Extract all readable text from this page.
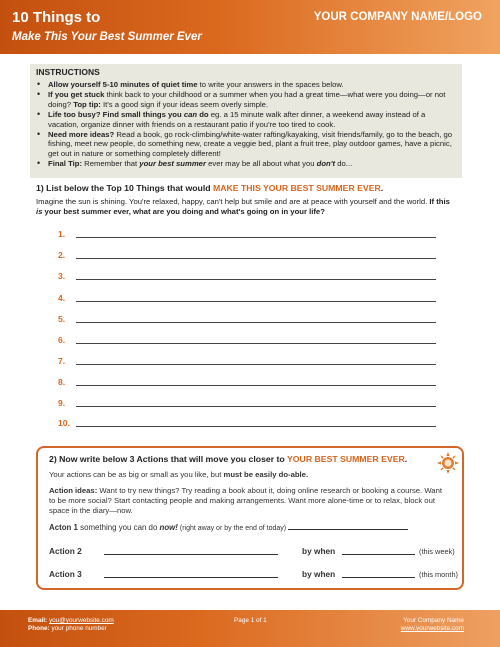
10 Things to
Make This Your Best Summer Ever
YOUR COMPANY NAME/LOGO
INSTRUCTIONS
• Allow yourself 5-10 minutes of quiet time to write your answers in the spaces below.
• If you get stuck think back to your childhood or a summer when you had a great time—what were you doing—or not doing? Top tip: It's a good sign if your ideas seem overly simple.
• Life too busy? Find small things you can do eg. a 15 minute walk after dinner, a weekend away instead of a vacation, organize dinner with friends on a restaurant patio if you're too tired to cook.
• Need more ideas? Read a book, go rock-climbing/white-water rafting/kayaking, visit friends/family, go to the beach, go fishing, meet new people, do something new, create a veggie bed, plant a fruit tree, play outdoor games, have a picnic, get out in nature or something completely different!
• Final Tip: Remember that your best summer ever may be all about what you don't do...
1) List below the Top 10 Things that would MAKE THIS YOUR BEST SUMMER EVER.
Imagine the sun is shining. You're relaxed, happy, can't help but smile and are at peace with yourself and the world. If this is your best summer ever, what are you doing and what's going on in your life?
1.
2.
3.
4.
5.
6.
7.
8.
9.
10.
2) Now write below 3 Actions that will move you closer to YOUR BEST SUMMER EVER.
Your actions can be as big or small as you like, but must be easily do-able.
Action ideas: Want to try new things? Try reading a book about it, doing online research or booking a course. Want to be more social? Start contacting people and making arrangements. Want more alone-time or to relax, block out space in the diary—now.
Acton 1 something you can do now! (right away or by the end of today)
Action 2	by when	(this week)
Action 3	by when	(this month)
Email: you@yourwebsite.com
Phone: your phone number
Page 1 of 1	Your Company Name
www.yourwebsite.com
